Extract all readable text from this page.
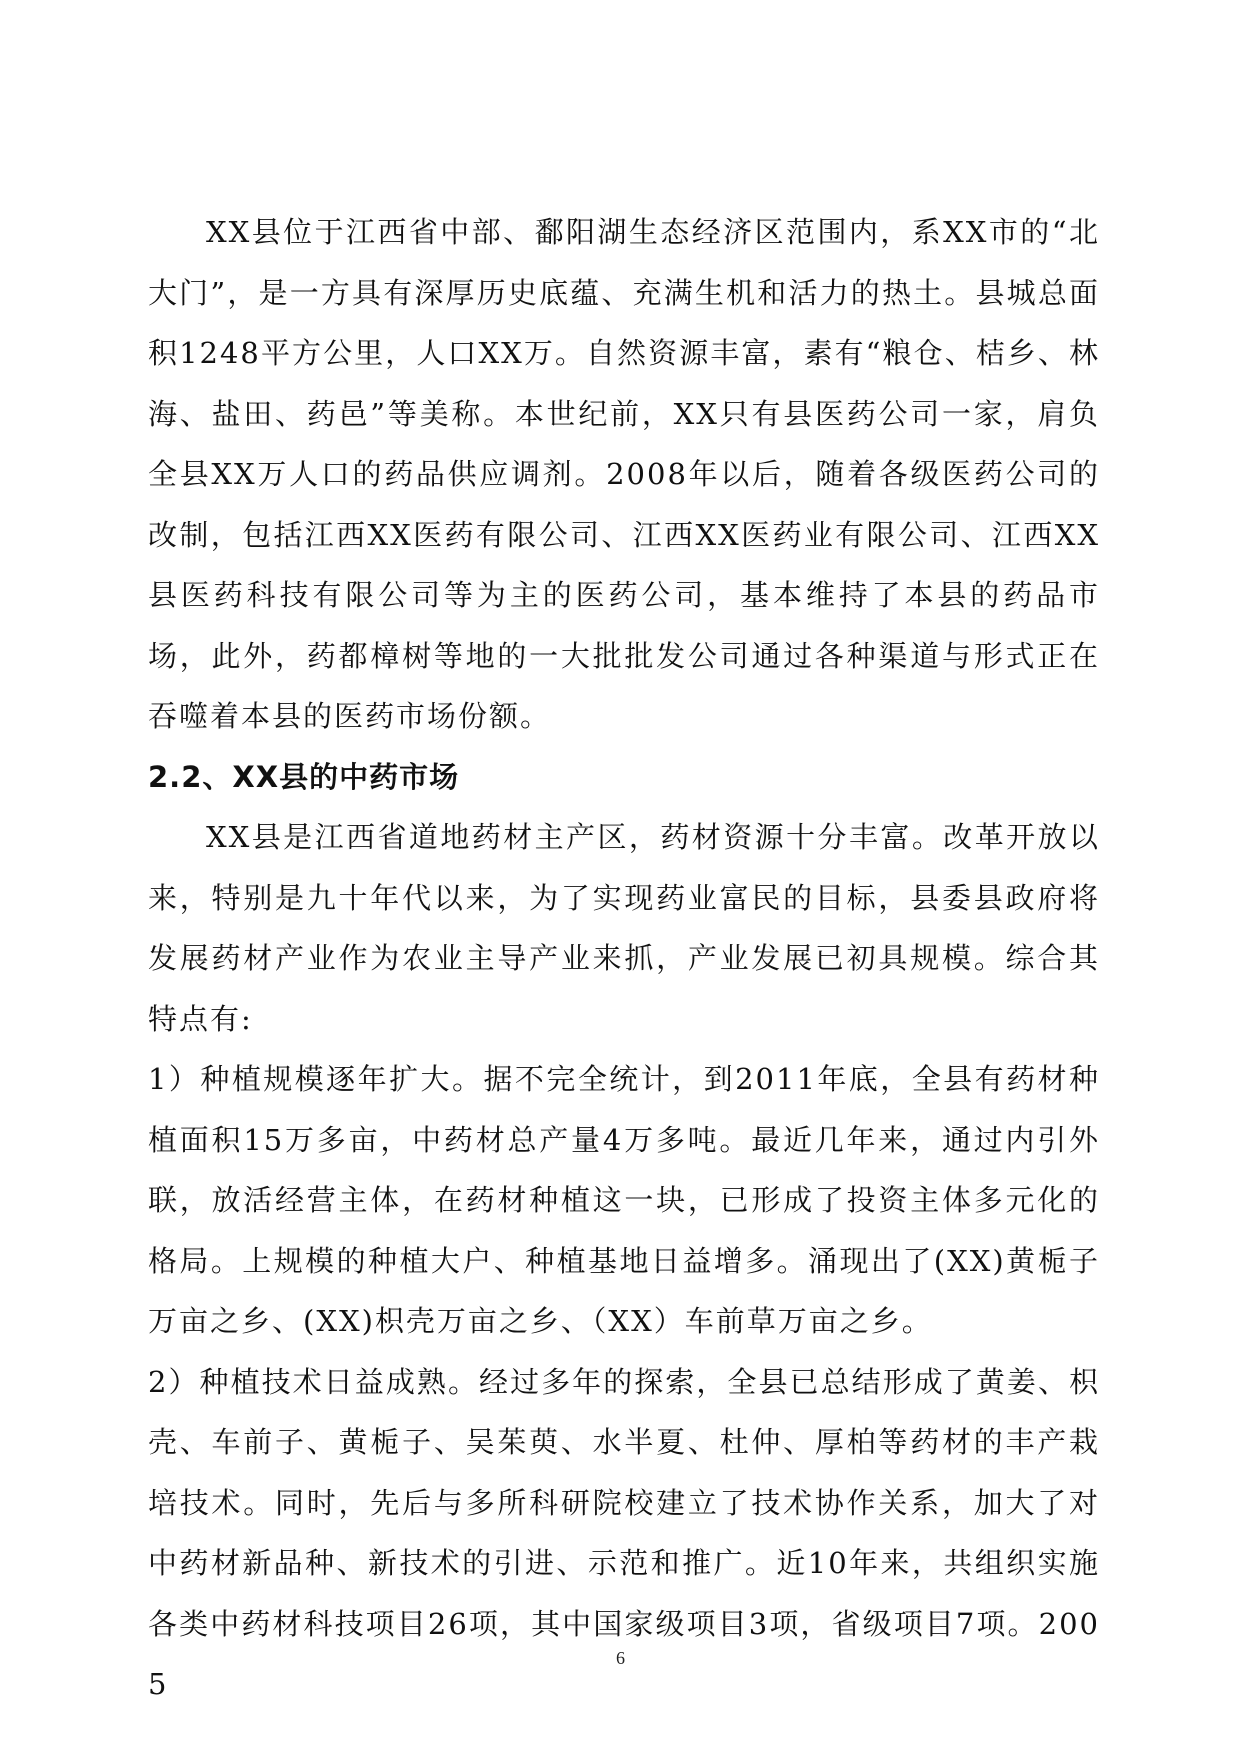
XX县位于江西省中部、鄱阳湖生态经济区范围内，系XX市的“北大门”，是一方具有深厚历史底蕴、充满生机和活力的热土。县城总面积1248平方公里，人口XX万。自然资源丰富，素有“粮仓、桔乡、林海、盐田、药邑”等美称。本世纪前，XX只有县医药公司一家，肩负全县XX万人口的药品供应调剂。2008年以后，随着各级医药公司的改制，包括江西XX医药有限公司、江西XX医药业有限公司、江西XX县医药科技有限公司等为主的医药公司，基本维持了本县的药品市场，此外，药都樟树等地的一大批批发公司通过各种渠道与形式正在吞噬着本县的医药市场份额。

2.2、XX县的中药市场

XX县是江西省道地药材主产区，药材资源十分丰富。改革开放以来，特别是九十年代以来，为了实现药业富民的目标，县委县政府将发展药材产业作为农业主导产业来抓，产业发展已初具规模。综合其特点有:

1）种植规模逐年扩大。据不完全统计，到2011年底，全县有药材种植面积15万多亩，中药材总产量4万多吨。最近几年来，通过内引外联，放活经营主体，在药材种植这一块，已形成了投资主体多元化的格局。上规模的种植大户、种植基地日益增多。涌现出了(XX)黄栀子万亩之乡、(XX)枳壳万亩之乡、（XX）车前草万亩之乡。

2）种植技术日益成熟。经过多年的探索，全县已总结形成了黄姜、枳壳、车前子、黄栀子、吴茱萸、水半夏、杜仲、厚柏等药材的丰产栽培技术。同时，先后与多所科研院校建立了技术协作关系，加大了对中药材新品种、新技术的引进、示范和推广。近10年来，共组织实施各类中药材科技项目26项，其中国家级项目3项，省级项目7项。2005

6
